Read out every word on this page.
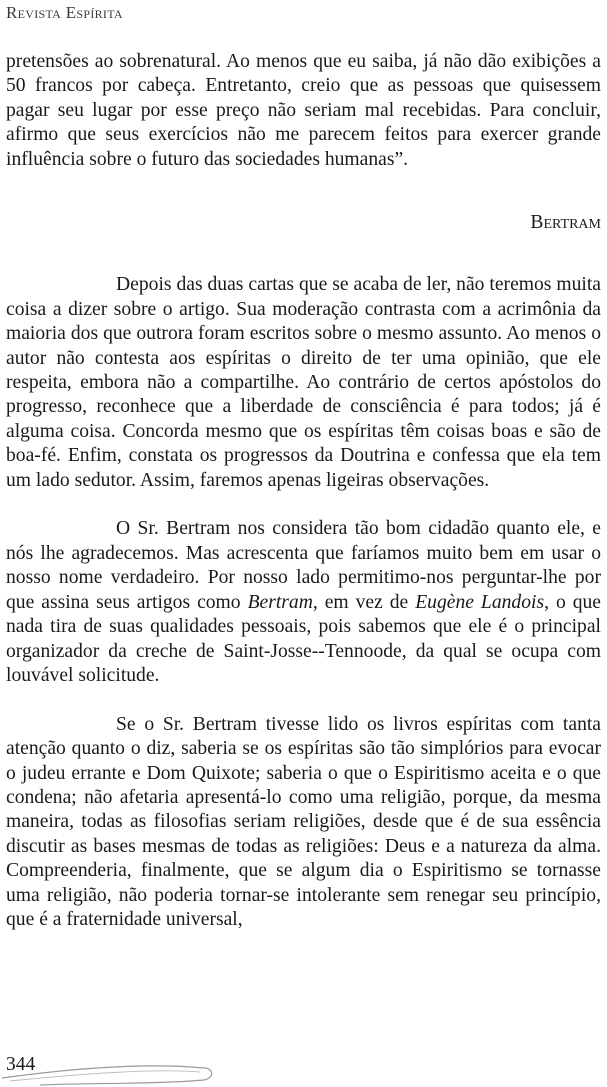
Revista Espírita

pretensões ao sobrenatural. Ao menos que eu saiba, já não dão exibições a 50 francos por cabeça. Entretanto, creio que as pessoas que quisessem pagar seu lugar por esse preço não seriam mal recebidas. Para concluir, afirmo que seus exercícios não me parecem feitos para exercer grande influência sobre o futuro das sociedades humanas”.

Bertram

Depois das duas cartas que se acaba de ler, não teremos muita coisa a dizer sobre o artigo. Sua moderação contrasta com a acrimônia da maioria dos que outrora foram escritos sobre o mesmo assunto. Ao menos o autor não contesta aos espíritas o direito de ter uma opinião, que ele respeita, embora não a compartilhe. Ao contrário de certos apóstolos do progresso, reconhece que a liberdade de consciência é para todos; já é alguma coisa. Concorda mesmo que os espíritas têm coisas boas e são de boa-fé. Enfim, constata os progressos da Doutrina e confessa que ela tem um lado sedutor. Assim, faremos apenas ligeiras observações.

O Sr. Bertram nos considera tão bom cidadão quanto ele, e nós lhe agradecemos. Mas acrescenta que faríamos muito bem em usar o nosso nome verdadeiro. Por nosso lado permitimo-nos perguntar-lhe por que assina seus artigos como Bertram, em vez de Eugène Landois, o que nada tira de suas qualidades pessoais, pois sabemos que ele é o principal organizador da creche de Saint-Josse-‑Tennoode, da qual se ocupa com louvável solicitude.

Se o Sr. Bertram tivesse lido os livros espíritas com tanta atenção quanto o diz, saberia se os espíritas são tão simplórios para evocar o judeu errante e Dom Quixote; saberia o que o Espiritismo aceita e o que condena; não afetaria apresentá-lo como uma religião, porque, da mesma maneira, todas as filosofias seriam religiões, desde que é de sua essência discutir as bases mesmas de todas as religiões: Deus e a natureza da alma. Compreenderia, finalmente, que se algum dia o Espiritismo se tornasse uma religião, não poderia tornar-se intolerante sem renegar seu princípio, que é a fraternidade universal,

344
